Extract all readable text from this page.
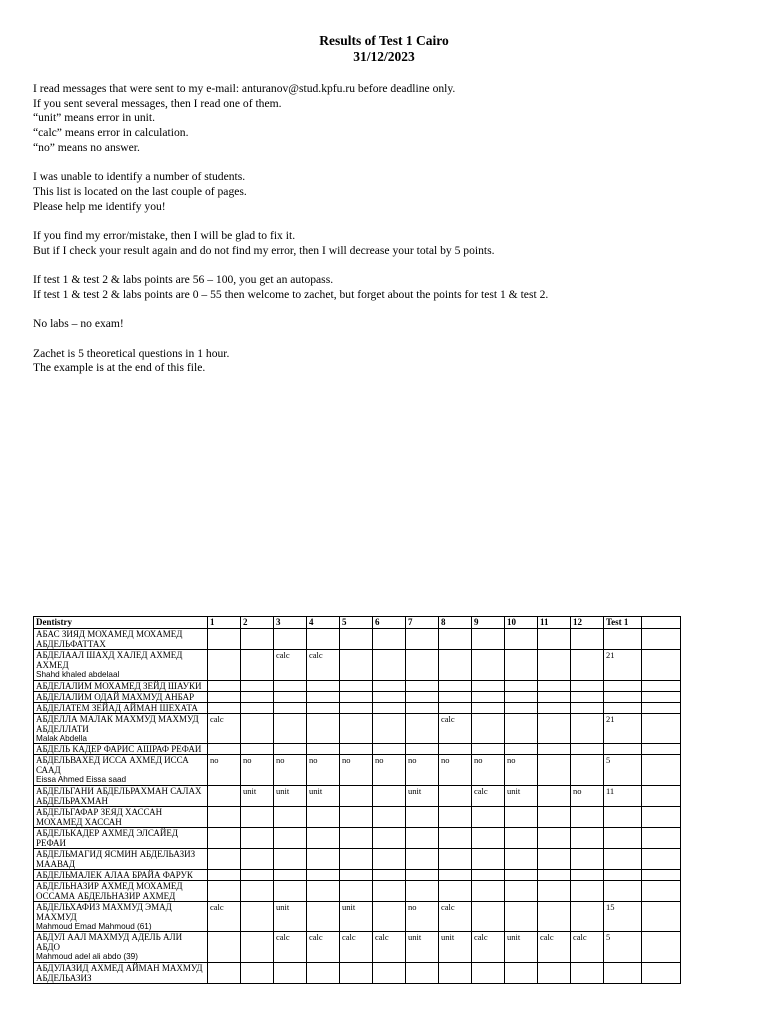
Results of Test 1 Cairo
31/12/2023
I read messages that were sent to my e-mail: anturanov@stud.kpfu.ru before deadline only.
If you sent several messages, then I read one of them.
“unit” means error in unit.
“calc” means error in calculation.
“no” means no answer.
I was unable to identify a number of students.
This list is located on the last couple of pages.
Please help me identify you!
If you find my error/mistake, then I will be glad to fix it.
But if I check your result again and do not find my error, then I will decrease your total by 5 points.
If test 1 & test 2 & labs points are 56 – 100, you get an autopass.
If test 1 & test 2 & labs points are 0 – 55 then welcome to zachet, but forget about the points for test 1 & test 2.
No labs – no exam!
Zachet is 5 theoretical questions in 1 hour.
The example is at the end of this file.
Dentistry	1	2	3	4	5	6	7	8	9	10	11	12	Test 1	

АБАС ЗИЯД МОХАМЕД МОХАМЕД АБДЕЛЬФАТТАХ														

АБДЕЛААЛ ШАХД ХАЛЕД АХМЕД АХМЕД
Shahd khaled abdelaal			calc	calc									21	

АБДЕЛАЛИМ МОХАМЕД ЗЕЙД ШАУКИ														

АБДЕЛАЛИМ ОДАЙ МАХМУД АНБАР														

АБДЕЛАТЕМ ЗЕЙАД АЙМАН ШЕХАТА														

АБДЕЛЛА МАЛАК МАХМУД МАХМУД АБДЕЛЛАТИ
Malak Abdella	calc							calc					21	

АБДЕЛЬ КАДЕР ФАРИС АШРАФ РЕФАИ														

АБДЕЛЬВАХЕД ИССА АХМЕД ИССА СААД
Eissa Ahmed Eissa saad	no	no	no	no	no	no	no	no	no	no			5	

АБДЕЛЬГАНИ АБДЕЛЬРАХМАН САЛАХ АБДЕЛЬРАХМАН		unit	unit	unit			unit		calc	unit		no	11	

АБДЕЛЬГАФАР ЗЕЯД ХАССАН МОХАМЕД ХАССАН														

АБДЕЛЬКАДЕР АХМЕД ЭЛСАЙЕД РЕФАИ														

АБДЕЛЬМАГИД ЯСМИН АБДЕЛЬАЗИЗ МААВАД														

АБДЕЛЬМАЛЕК АЛАА БРАЙА ФАРУК														

АБДЕЛЬНАЗИР АХМЕД МОХАМЕД ОССАМА АБДЕЛЬНАЗИР АХМЕД														

АБДЕЛЬХАФИЗ МАХМУД ЭМАД МАХМУД
Mahmoud Emad Mahmoud (61)	calc		unit		unit		no	calc					15	

АБДУЛ ААЛ МАХМУД АДЕЛЬ АЛИ АБДО
Mahmoud adel ali abdo (39)			calc	calc	calc	calc	unit	unit	calc	unit	calc	calc	5	

АБДУЛАЗИД АХМЕД АЙМАН МАХМУД АБДЕЛЬАЗИЗ														
